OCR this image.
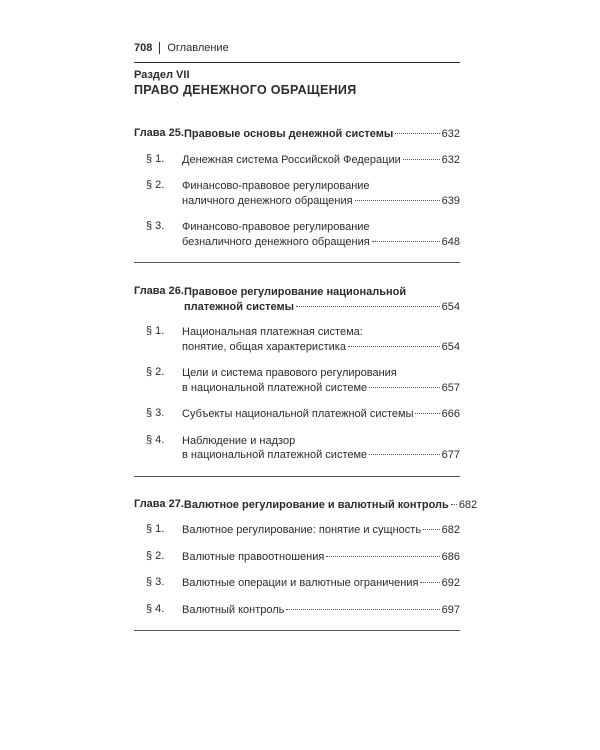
708 Оглавление
Раздел VII
ПРАВО ДЕНЕЖНОГО ОБРАЩЕНИЯ
Глава 25. Правовые основы денежной системы	632
§ 1.	Денежная система Российской Федерации	632
§ 2.	Финансово-правовое регулирование
наличного денежного обращения	639
§ 3.	Финансово-правовое регулирование
безналичного денежного обращения	648
Глава 26. Правовое регулирование национальной
платежной системы	654
§ 1.	Национальная платежная система:
понятие, общая характеристика	654
§ 2.	Цели и система правового регулирования
в национальной платежной системе	657
§ 3.	Субъекты национальной платежной системы	666
§ 4.	Наблюдение и надзор
в национальной платежной системе	677
Глава 27. Валютное регулирование и валютный контроль 682
§ 1.	Валютное регулирование: понятие и сущность 682
§ 2.	Валютные правоотношения	686
§ 3.	Валютные операции и валютные ограничения 692
§ 4.	Валютный контроль	697
